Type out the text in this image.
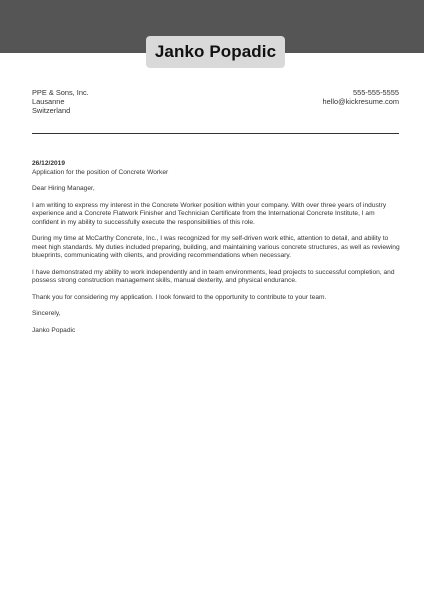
Janko Popadic
PPE & Sons, Inc.
Lausanne
Switzerland
555-555-5555
hello@kickresume.com

26/12/2019

Application for the position of Concrete Worker

Dear Hiring Manager,

I am writing to express my interest in the Concrete Worker position within your company. With over three years of industry experience and a Concrete Flatwork Finisher and Technician Certificate from the International Concrete Institute, I am confident in my ability to successfully execute the responsibilities of this role.

During my time at McCarthy Concrete, Inc., I was recognized for my self-driven work ethic, attention to detail, and ability to meet high standards. My duties included preparing, building, and maintaining various concrete structures, as well as reviewing blueprints, communicating with clients, and providing recommendations when necessary.

I have demonstrated my ability to work independently and in team environments, lead projects to successful completion, and possess strong construction management skills, manual dexterity, and physical endurance.

Thank you for considering my application. I look forward to the opportunity to contribute to your team.

Sincerely,

Janko Popadic
